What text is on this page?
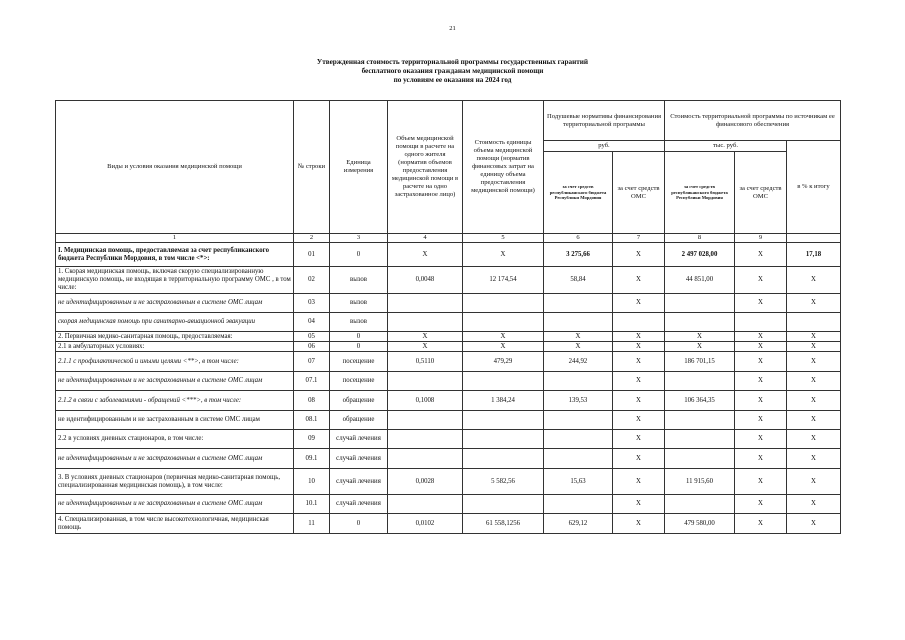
21
Утвержденная стоимость территориальной программы государственных гарантий
бесплатного оказания гражданам медицинской помощи
по условиям ее оказания на 2024 год
Виды и условия оказания медицинской помощи	№ строки	Единица измерения	Объем медицинской помощи в расчете на одного жителя (норматив объемов предоставления медицинской помощи в расчете на одно застрахованное лицо)	Стоимость единицы объема медицинской помощи (норматив финансовых затрат на единицу объема предоставления медицинской помощи)	Подушевые нормативы финансирования территориальной программы		Стоимость территориальной программы по источникам ее финансового обеспечения		
					руб.		тыс. руб.		в % к итогу
					за счет средств республиканского бюджета Республики Мордовия	за счет средств ОМС	за счет средств республиканского бюджета Республики Мордовия	за счет средств ОМС	
1	2	3	4	5	6	7	8	9	
I. Медицинская помощь, предоставляемая за счет республиканского бюджета Республики Мордовия, в том числе <*>:	01	0	X	X	3 275,66	X	2 497 028,00	X	17,18
1. Скорая медицинская помощь, включая скорую специализированную медицинскую помощь, не входящая в территориальную программу ОМС , в том числе:	02	вызов	0,0048	12 174,54	58,84	X	44 851,00	X	X
не идентифицированным и не застрахованным в системе ОМС лицам	03	вызов				X		X	X
скорая медицинская помощь при санитарно-авиационной эвакуации	04	вызов							
2. Первичная медико-санитарная помощь, предоставляемая:	05	0	X	X	X	X	X	X	X
2.1 в амбулаторных условиях:	06	0	X	X	X	X	X	X	X
2.1.1 с профилактической и иными целями <**>, в том числе:	07	посещение	0,5110	479,29	244,92	X	186 701,15	X	X
не идентифицированным и не застрахованным в системе ОМС лицам	07.1	посещение				X		X	X
2.1.2 в связи с заболеваниями - обращений <***>, в том числе:	08	обращение	0,1008	1 384,24	139,53	X	106 364,35	X	X
не идентифицированным и не застрахованным в системе ОМС лицам	08.1	обращение				X		X	X
2.2 в условиях дневных стационаров, в том числе:	09	случай лечения				X		X	X
не идентифицированным и не застрахованным в системе ОМС лицам	09.1	случай лечения				X		X	X
3. В условиях дневных стационаров (первичная медико-санитарная помощь, специализированная медицинская помощь), в том числе:	10	случай лечения	0,0028	5 582,56	15,63	X	11 915,60	X	X
не идентифицированным и не застрахованным в системе ОМС лицам	10.1	случай лечения				X		X	X
4. Специализированная, в том числе высокотехнологичная, медицинская помощь	11	0	0,0102	61 558,1256	629,12	X	479 580,00	X	X
